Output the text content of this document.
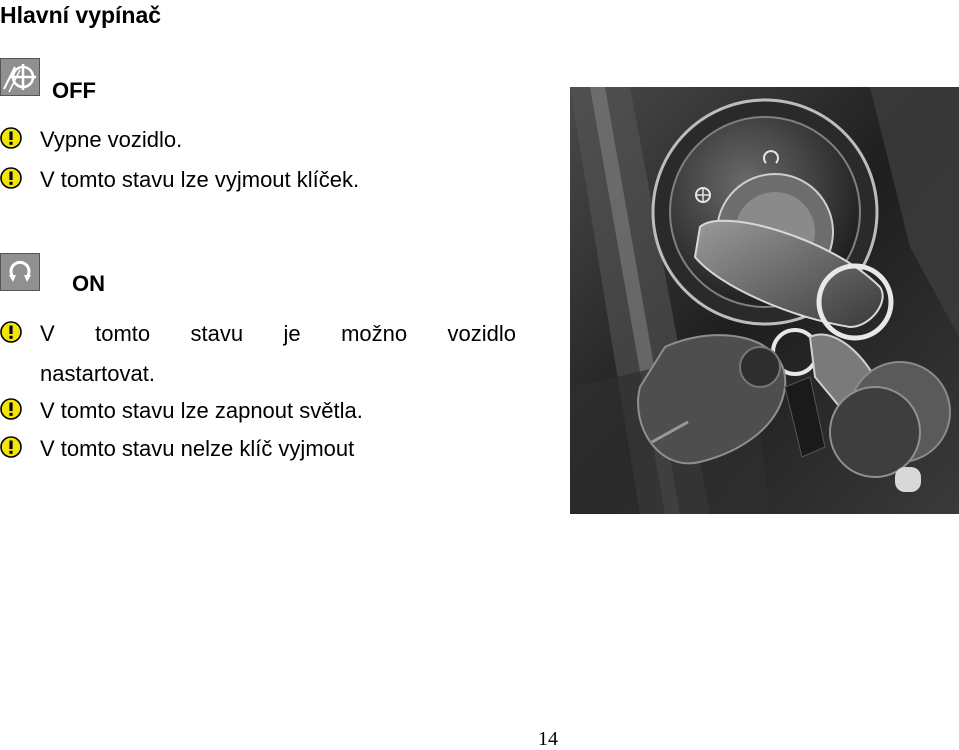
Hlavní vypínač
OFF
Vypne vozidlo.
V tomto stavu lze vyjmout klíček.
ON
V tomto stavu je možno vozidlo
nastartovat.
V tomto stavu lze zapnout světla.
V tomto stavu nelze klíč vyjmout
14
